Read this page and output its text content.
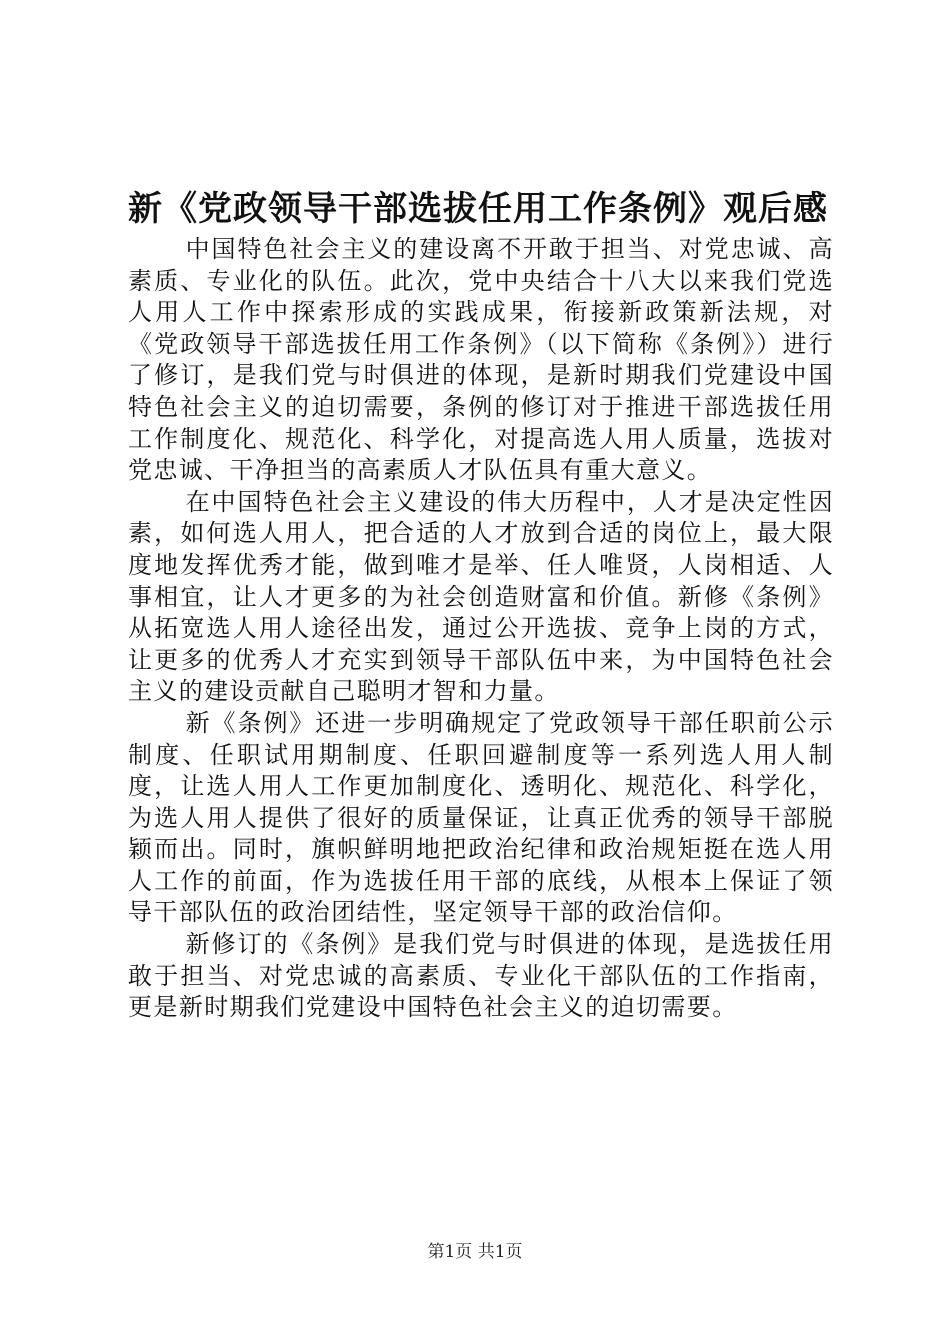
新《党政领导干部选拔任用工作条例》观后感

中国特色社会主义的建设离不开敢于担当、对党忠诚、高素质、专业化的队伍。此次，党中央结合十八大以来我们党选人用人工作中探索形成的实践成果，衔接新政策新法规，对《党政领导干部选拔任用工作条例》（以下简称《条例》）进行了修订，是我们党与时俱进的体现，是新时期我们党建设中国特色社会主义的迫切需要，条例的修订对于推进干部选拔任用工作制度化、规范化、科学化，对提高选人用人质量，选拔对党忠诚、干净担当的高素质人才队伍具有重大意义。

在中国特色社会主义建设的伟大历程中，人才是决定性因素，如何选人用人，把合适的人才放到合适的岗位上，最大限度地发挥优秀才能，做到唯才是举、任人唯贤，人岗相适、人事相宜，让人才更多的为社会创造财富和价值。新修《条例》从拓宽选人用人途径出发，通过公开选拔、竞争上岗的方式，让更多的优秀人才充实到领导干部队伍中来，为中国特色社会主义的建设贡献自己聪明才智和力量。

新《条例》还进一步明确规定了党政领导干部任职前公示制度、任职试用期制度、任职回避制度等一系列选人用人制度，让选人用人工作更加制度化、透明化、规范化、科学化，为选人用人提供了很好的质量保证，让真正优秀的领导干部脱颖而出。同时，旗帜鲜明地把政治纪律和政治规矩挺在选人用人工作的前面，作为选拔任用干部的底线，从根本上保证了领导干部队伍的政治团结性，坚定领导干部的政治信仰。

新修订的《条例》是我们党与时俱进的体现，是选拔任用敢于担当、对党忠诚的高素质、专业化干部队伍的工作指南，更是新时期我们党建设中国特色社会主义的迫切需要。

第1页 共1页
